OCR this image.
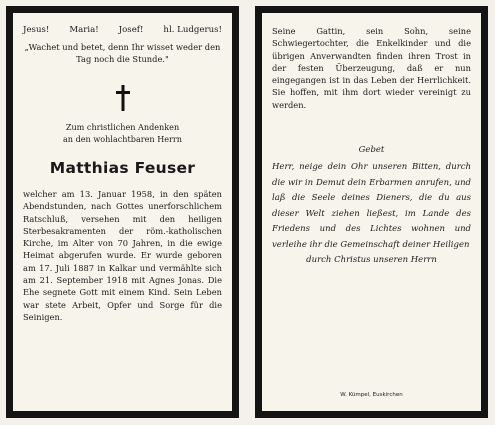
Jesus! Maria! Josef! hl. Ludgerus!
„Wachet und betet, denn Ihr wisset weder den Tag noch die Stunde."
Zum christlichen Andenken
an den wohlachtbaren Herrn
Matthias Feuser
welcher am 13. Januar 1958, in den späten Abendstunden, nach Gottes unerforschlichem Ratschluß, versehen mit den heiligen Sterbesakramenten der röm.-katholischen Kirche, im Alter von 70 Jahren, in die ewige Heimat abgerufen wurde. Er wurde geboren am 17. Juli 1887 in Kalkar und vermählte sich am 21. September 1918 mit Agnes Jonas. Die Ehe segnete Gott mit einem Kind. Sein Leben war stete Arbeit, Opfer und Sorge für die Seinigen.
Seine Gattin, sein Sohn, seine Schwiegertochter, die Enkelkinder und die übrigen Anverwandten finden ihren Trost in der festen Überzeugung, daß er nun eingegangen ist in das Leben der Herrlichkeit. Sie hoffen, mit ihm dort wieder vereinigt zu werden.
Gebet
Herr, neige dein Ohr unseren Bitten, durch die wir in Demut dein Erbarmen anrufen, und laß die Seele deines Dieners, die du aus dieser Welt ziehen ließest, im Lande des Friedens und des Lichtes wohnen und verleihe ihr die Gemeinschaft deiner Heiligen
durch Christus unseren Herrn
W. Kümpel, Euskirchen
